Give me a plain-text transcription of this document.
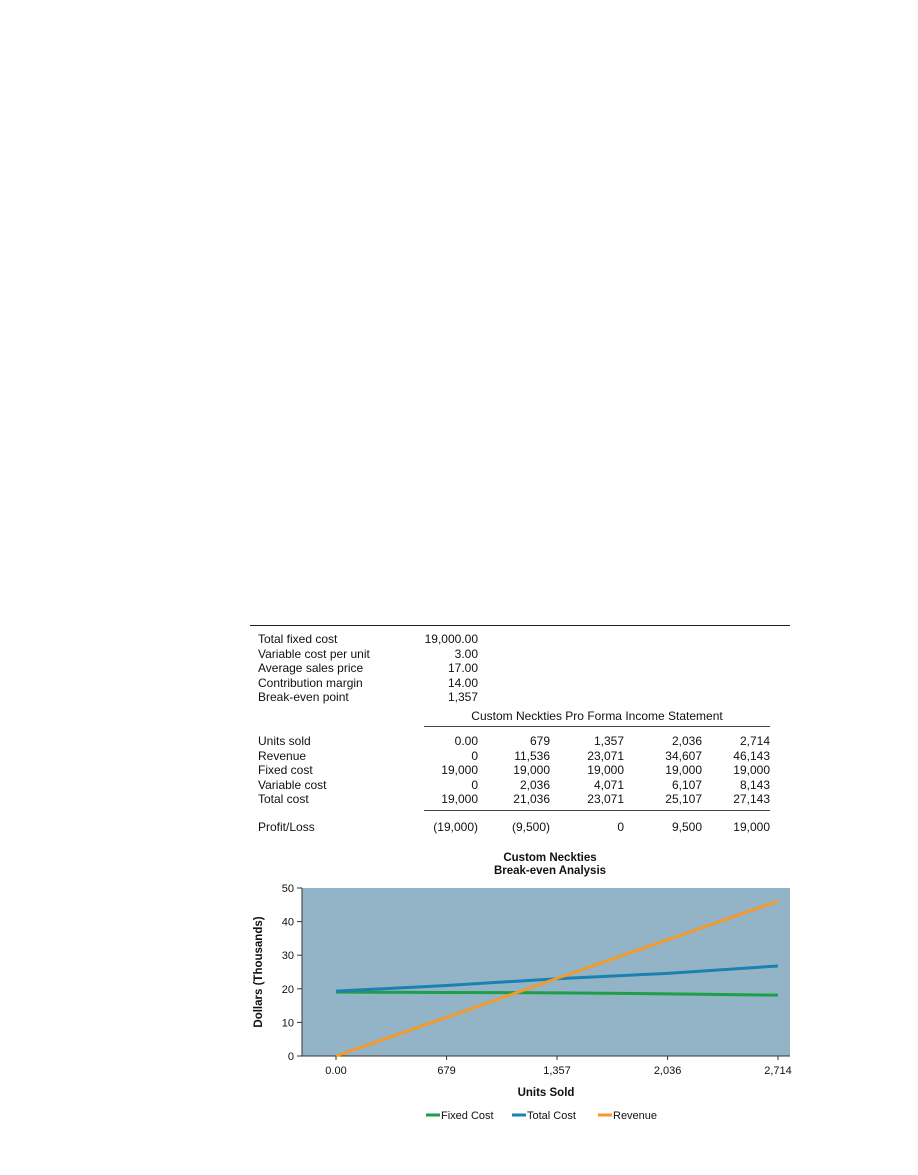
Total fixed cost	19,000.00
Variable cost per unit	3.00
Average sales price	17.00
Contribution margin	14.00
Break-even point	1,357
Custom Neckties Pro Forma Income Statement
Units sold	0.00	679	1,357	2,036	2,714
Revenue	0	11,536	23,071	34,607	46,143
Fixed cost	19,000	19,000	19,000	19,000	19,000
Variable cost	0	2,036	4,071	6,107	8,143
Total cost	19,000	21,036	23,071	25,107	27,143
Profit/Loss	(19,000)	(9,500)	0	9,500	19,000
Custom Neckties
Break-even Analysis
0
10
20
30
40
50
0.00	679	1,357	2,036	2,714
Dollars (Thousands)
Units Sold
Fixed Cost	Total Cost	Revenue
